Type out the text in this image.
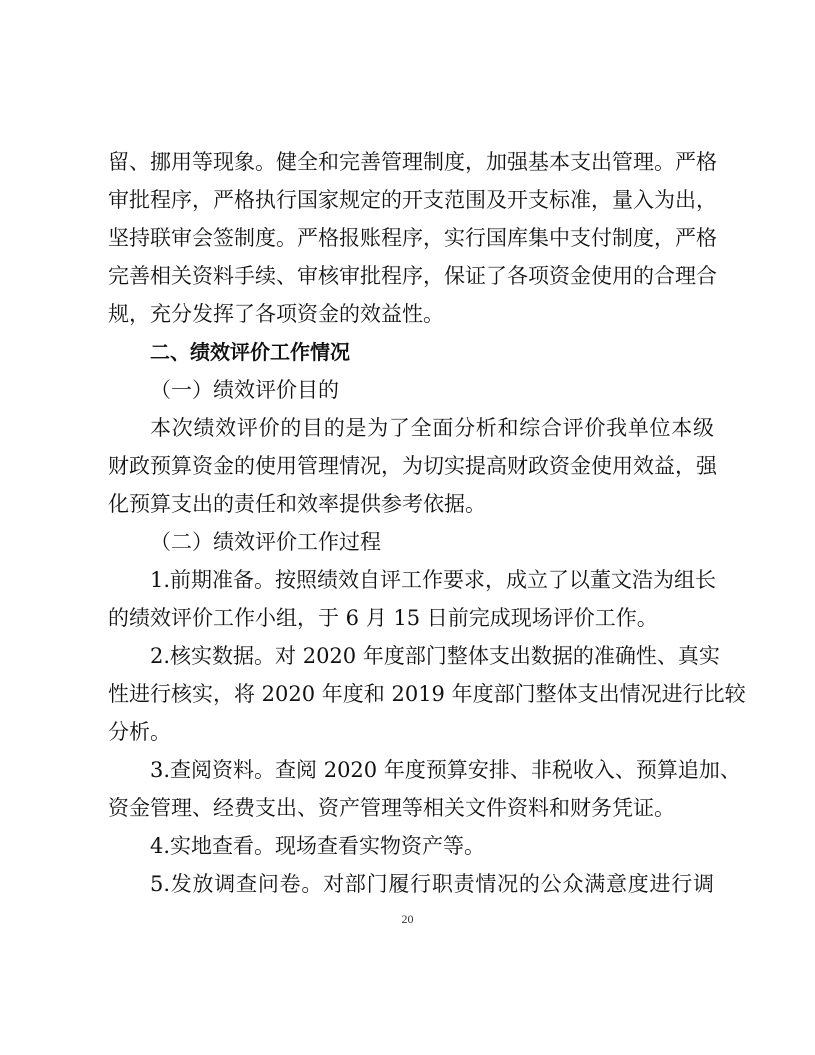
留、挪用等现象。健全和完善管理制度，加强基本支出管理。严格
审批程序，严格执行国家规定的开支范围及开支标准，量入为出，
坚持联审会签制度。严格报账程序，实行国库集中支付制度，严格
完善相关资料手续、审核审批程序，保证了各项资金使用的合理合
规，充分发挥了各项资金的效益性。
二、绩效评价工作情况
（一）绩效评价目的
本次绩效评价的目的是为了全面分析和综合评价我单位本级
财政预算资金的使用管理情况，为切实提高财政资金使用效益，强
化预算支出的责任和效率提供参考依据。
（二）绩效评价工作过程
1.前期准备。按照绩效自评工作要求，成立了以董文浩为组长
的绩效评价工作小组，于 6 月 15 日前完成现场评价工作。
2.核实数据。对 2020 年度部门整体支出数据的准确性、真实
性进行核实，将 2020 年度和 2019 年度部门整体支出情况进行比较
分析。
3.查阅资料。查阅 2020 年度预算安排、非税收入、预算追加、
资金管理、经费支出、资产管理等相关文件资料和财务凭证。
4.实地查看。现场查看实物资产等。
5.发放调查问卷。对部门履行职责情况的公众满意度进行调
20
